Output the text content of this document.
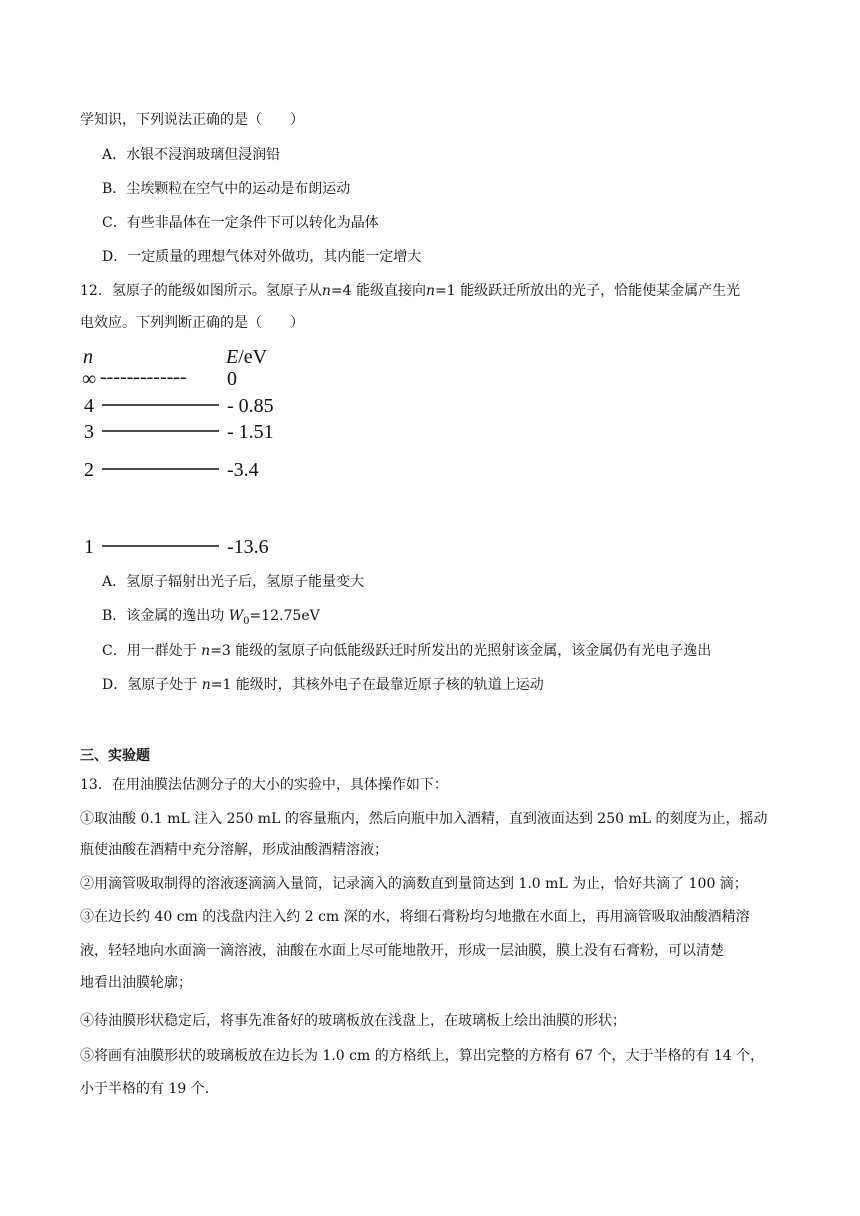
学知识，下列说法正确的是（　　）

A．水银不浸润玻璃但浸润铅

B．尘埃颗粒在空气中的运动是布朗运动

C．有些非晶体在一定条件下可以转化为晶体

D．一定质量的理想气体对外做功，其内能一定增大

12．氢原子的能级如图所示。氢原子从n=4 能级直接向n=1 能级跃迁所放出的光子，恰能使某金属产生光

电效应。下列判断正确的是（　　）

n	E/eV
∞ ------------- 0
4	- 0.85
3	- 1.51
2	-3.4
1	-13.6

A．氢原子辐射出光子后，氢原子能量变大

B．该金属的逸出功 $W_0=12.75eV$

C．用一群处于 n=3 能级的氢原子向低能级跃迁时所发出的光照射该金属，该金属仍有光电子逸出

D．氢原子处于 n=1 能级时，其核外电子在最靠近原子核的轨道上运动

三、实验题

13．在用油膜法估测分子的大小的实验中，具体操作如下：

①取油酸 0.1 mL 注入 250 mL 的容量瓶内，然后向瓶中加入酒精，直到液面达到 250 mL 的刻度为止，摇动

瓶使油酸在酒精中充分溶解，形成油酸酒精溶液；

②用滴管吸取制得的溶液逐滴滴入量筒，记录滴入的滴数直到量筒达到 1.0 mL 为止，恰好共滴了 100 滴；

③在边长约 40 cm 的浅盘内注入约 2 cm 深的水，将细石膏粉均匀地撒在水面上，再用滴管吸取油酸酒精溶

液，轻轻地向水面滴一滴溶液，油酸在水面上尽可能地散开，形成一层油膜，膜上没有石膏粉，可以清楚

地看出油膜轮廓；

④待油膜形状稳定后，将事先准备好的玻璃板放在浅盘上，在玻璃板上绘出油膜的形状；

⑤将画有油膜形状的玻璃板放在边长为 1.0 cm 的方格纸上，算出完整的方格有 67 个，大于半格的有 14 个，

小于半格的有 19 个.
